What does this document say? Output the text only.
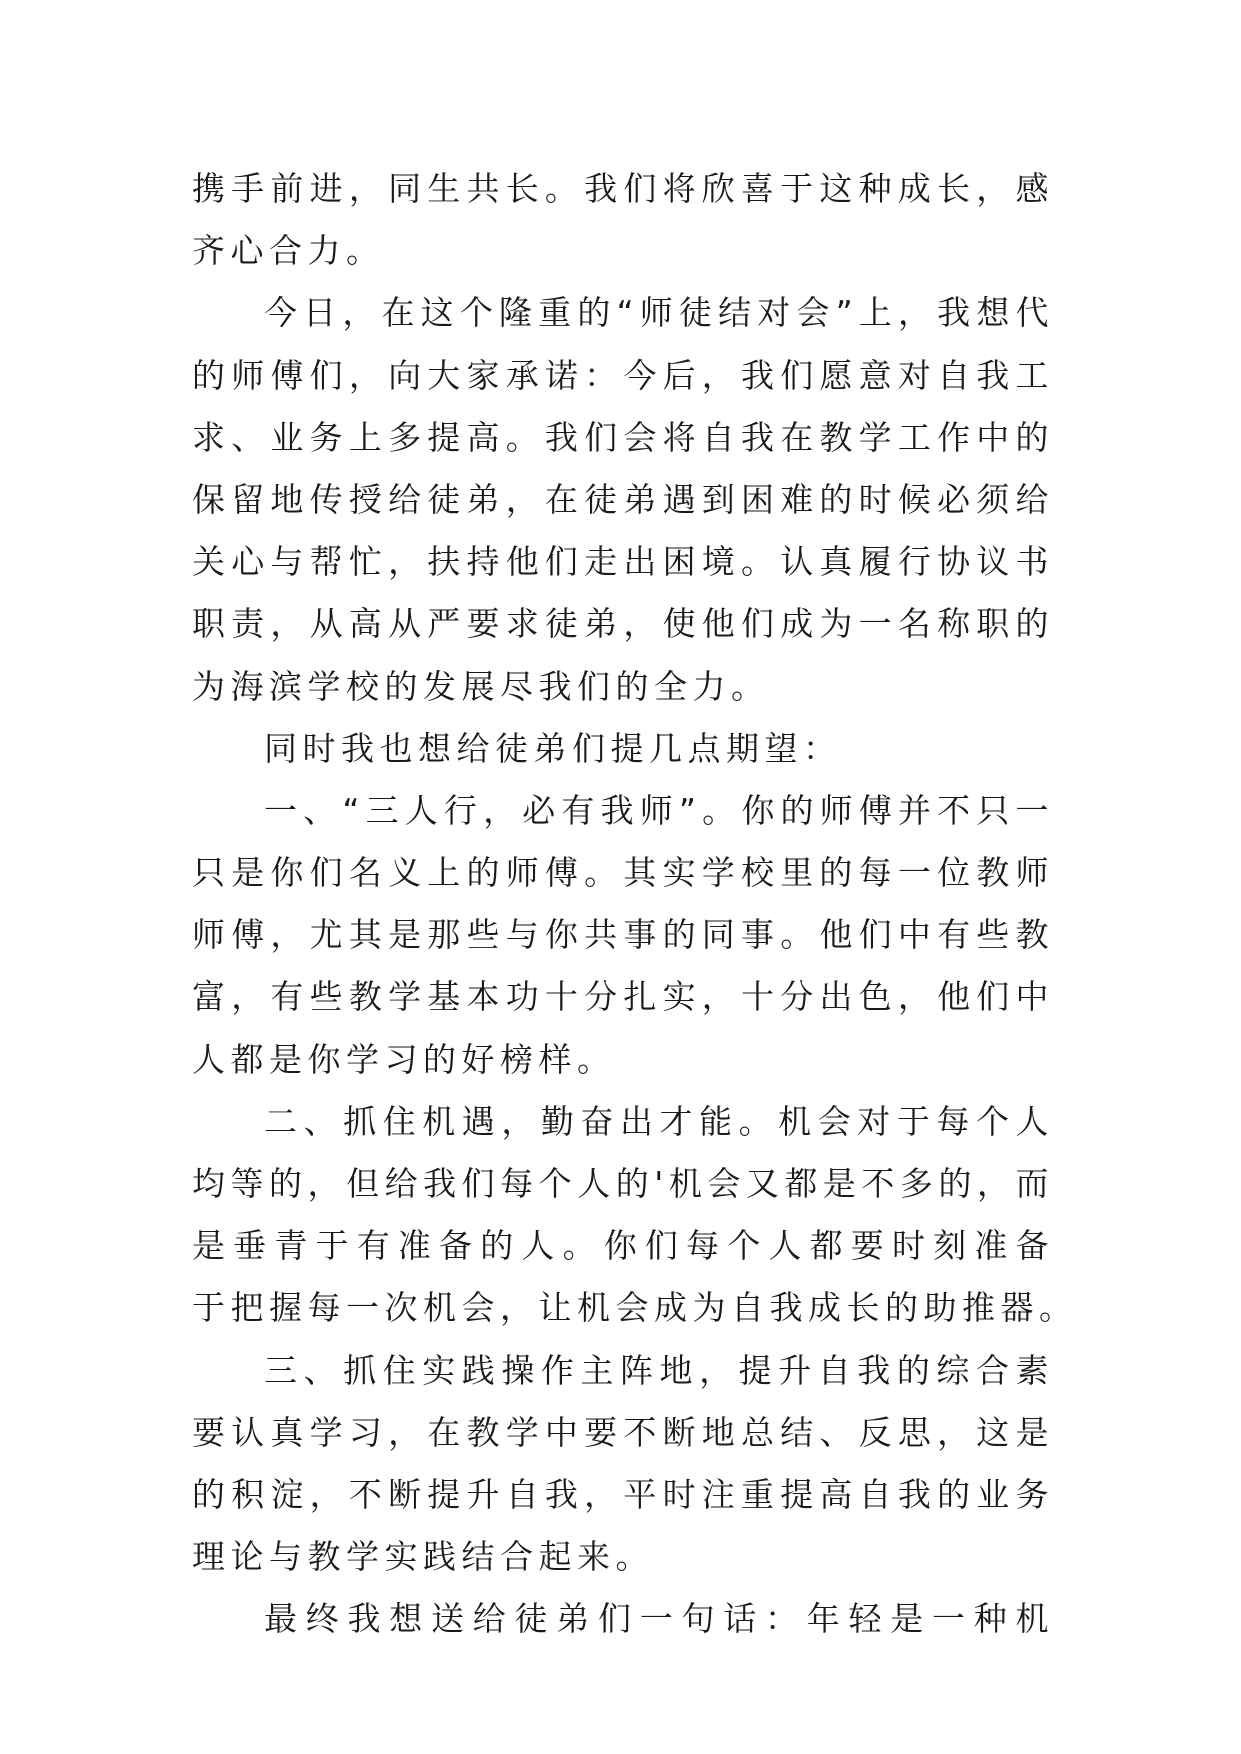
携手前进，同生共长。我们将欣喜于这种成长，感
齐心合力。
今日，在这个隆重的“师徒结对会”上，我想代
的师傅们，向大家承诺：今后，我们愿意对自我工
求、业务上多提高。我们会将自我在教学工作中的
保留地传授给徒弟，在徒弟遇到困难的时候必须给
关心与帮忙，扶持他们走出困境。认真履行协议书
职责，从高从严要求徒弟，使他们成为一名称职的
为海滨学校的发展尽我们的全力。
同时我也想给徒弟们提几点期望：
一、“三人行，必有我师”。你的师傅并不只一
只是你们名义上的师傅。其实学校里的每一位教师
师傅，尤其是那些与你共事的同事。他们中有些教
富，有些教学基本功十分扎实，十分出色，他们中
人都是你学习的好榜样。
二、抓住机遇，勤奋出才能。机会对于每个人
均等的，但给我们每个人的'机会又都是不多的，而
是垂青于有准备的人。你们每个人都要时刻准备
于把握每一次机会，让机会成为自我成长的助推器。
三、抓住实践操作主阵地，提升自我的综合素
要认真学习，在教学中要不断地总结、反思，这是
的积淀，不断提升自我，平时注重提高自我的业务
理论与教学实践结合起来。
最终我想送给徒弟们一句话：年轻是一种机
